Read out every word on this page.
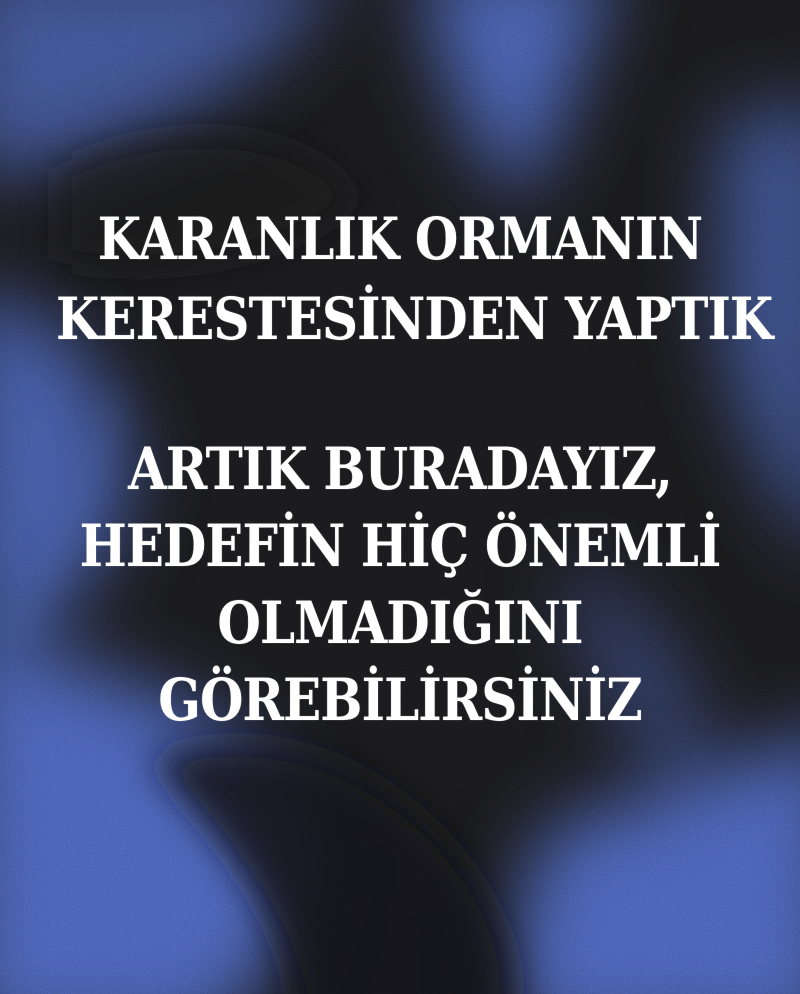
KARANLIK ORMANIN
KERESTESİNDEN YAPTIK
ARTIK BURADAYIZ,
HEDEFİN HİÇ ÖNEMLİ
OLMADIĞINI
GÖREBİLİRSİNİZ
